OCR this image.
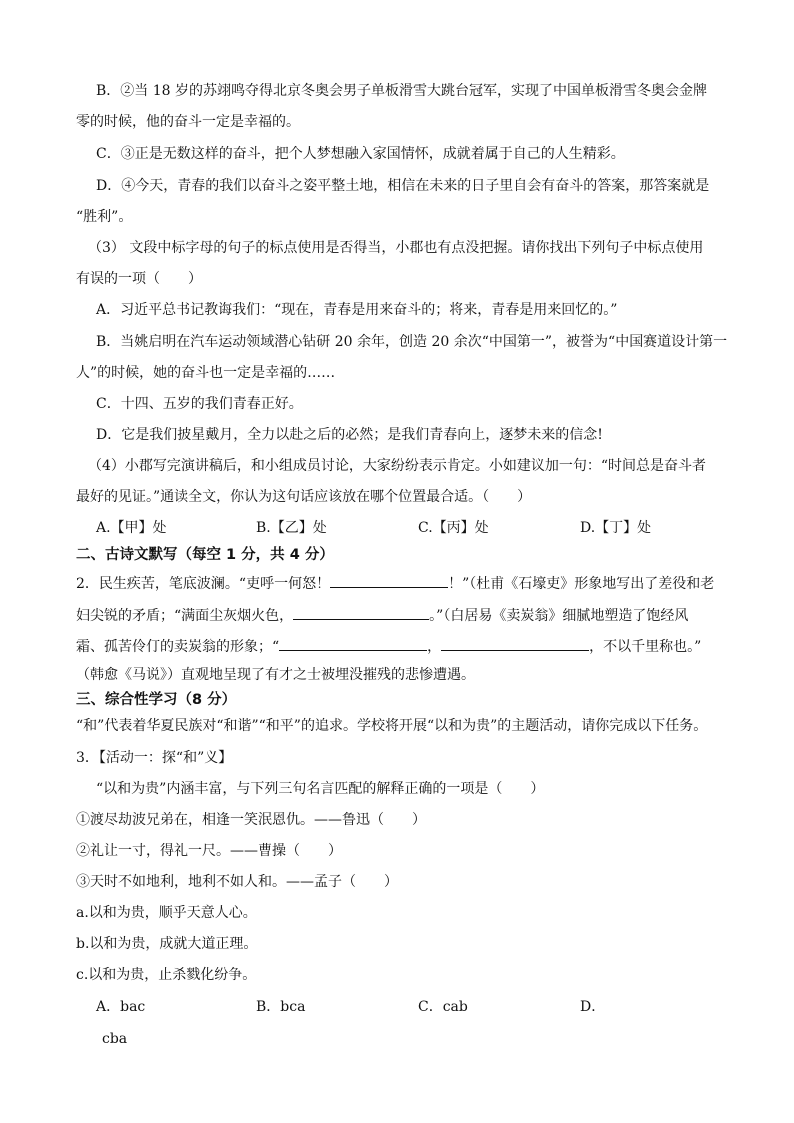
B．②当 18 岁的苏翊鸣夺得北京冬奥会男子单板滑雪大跳台冠军，实现了中国单板滑雪冬奥会金牌
零的时候，他的奋斗一定是幸福的。
C．③正是无数这样的奋斗，把个人梦想融入家国情怀，成就着属于自己的人生精彩。
D．④今天，青春的我们以奋斗之姿平整土地，相信在未来的日子里自会有奋斗的答案，那答案就是
“胜利”。
（3） 文段中标字母的句子的标点使用是否得当，小郡也有点没把握。请你找出下列句子中标点使用
有误的一项（　　）
A．习近平总书记教诲我们：“现在，青春是用来奋斗的；将来，青春是用来回忆的。”
B．当姚启明在汽车运动领域潜心钻研 20 余年，创造 20 余次“中国第一”，被誉为“中国赛道设计第一
人”的时候，她的奋斗也一定是幸福的……
C．十四、五岁的我们青春正好。
D．它是我们披星戴月，全力以赴之后的必然；是我们青春向上，逐梦未来的信念!
（4）小郡写完演讲稿后，和小组成员讨论，大家纷纷表示肯定。小如建议加一句：“时间总是奋斗者
最好的见证。”通读全文，你认为这句话应该放在哪个位置最合适。（　　）
A.【甲】处	B.【乙】处	C.【丙】处	D.【丁】处
二、古诗文默写（每空 1 分，共 4 分）
2．民生疾苦，笔底波澜。“吏呼一何怒！	！”（杜甫《石壕吏》形象地写出了差役和老
妇尖锐的矛盾；“满面尘灰烟火色，	。”（白居易《卖炭翁》细腻地塑造了饱经风
霜、孤苦伶仃的卖炭翁的形象；“	，	，不以千里称也。”
（韩愈《马说》）直观地呈现了有才之士被埋没摧残的悲惨遭遇。
三、综合性学习（8 分）
“和”代表着华夏民族对“和谐”“和平”的追求。学校将开展“以和为贵”的主题活动，请你完成以下任务。
3．【活动一：探“和”义】
“以和为贵”内涵丰富，与下列三句名言匹配的解释正确的一项是（　　）
①渡尽劫波兄弟在，相逢一笑泯恩仇。——鲁迅（　　）
②礼让一寸，得礼一尺。——曹操（　　）
③天时不如地利，地利不如人和。——孟子（　　）
a.以和为贵，顺乎天意人心。
b.以和为贵，成就大道正理。
c.以和为贵，止杀戮化纷争。
A．bac	B．bca	C．cab	D．
cba
